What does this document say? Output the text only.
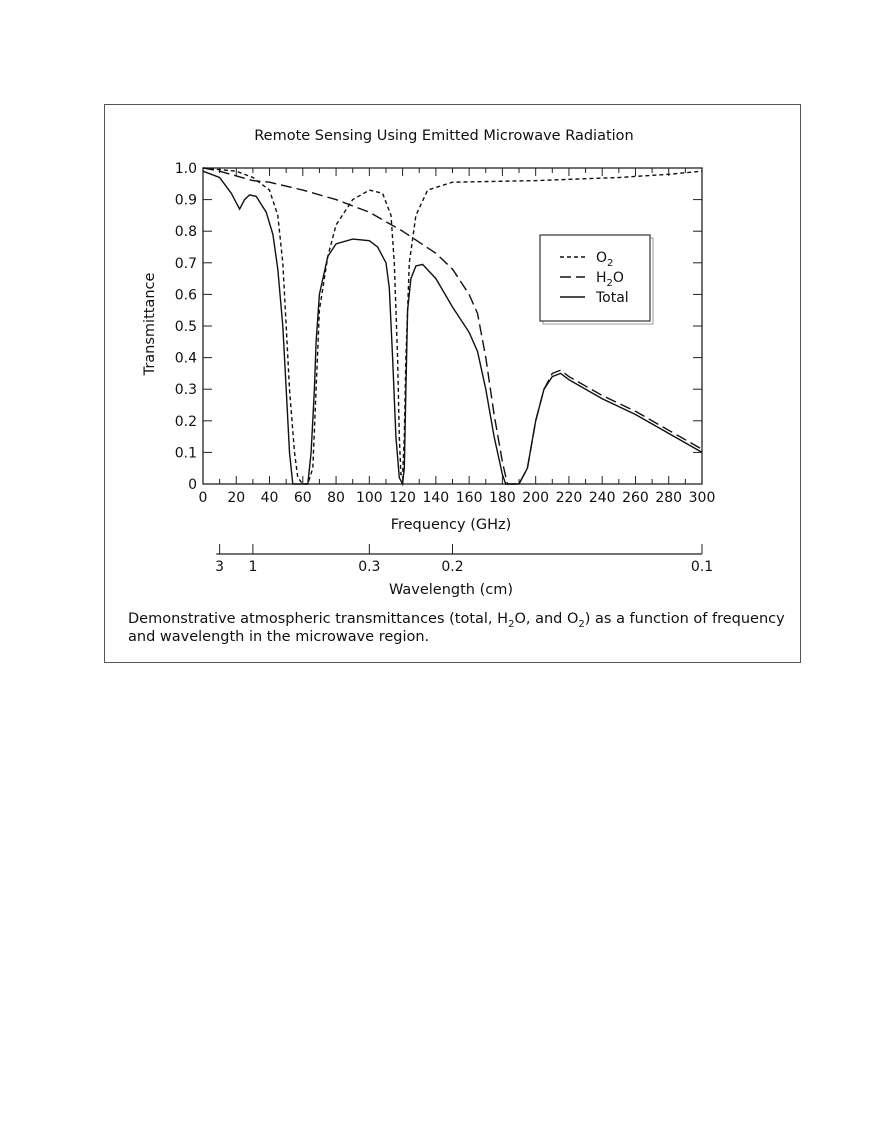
Remote Sensing Using Emitted Microwave Radiation
0 20 40 60 80 100 120 140 160 180 200 220 240 260 280 300
0
0.1
0.2
0.3
0.4
0.5
0.6
0.7
0.8
0.9
1.0
$O_2$
$H_2O$
Total
3 1	0.3	0.2	0.1
Frequency (GHz)
Transmittance
Wavelength (cm)
Demonstrative atmospheric transmittances (total, $H_2O$, and $O_2$) as a function of frequency and wavelength in the microwave region.
